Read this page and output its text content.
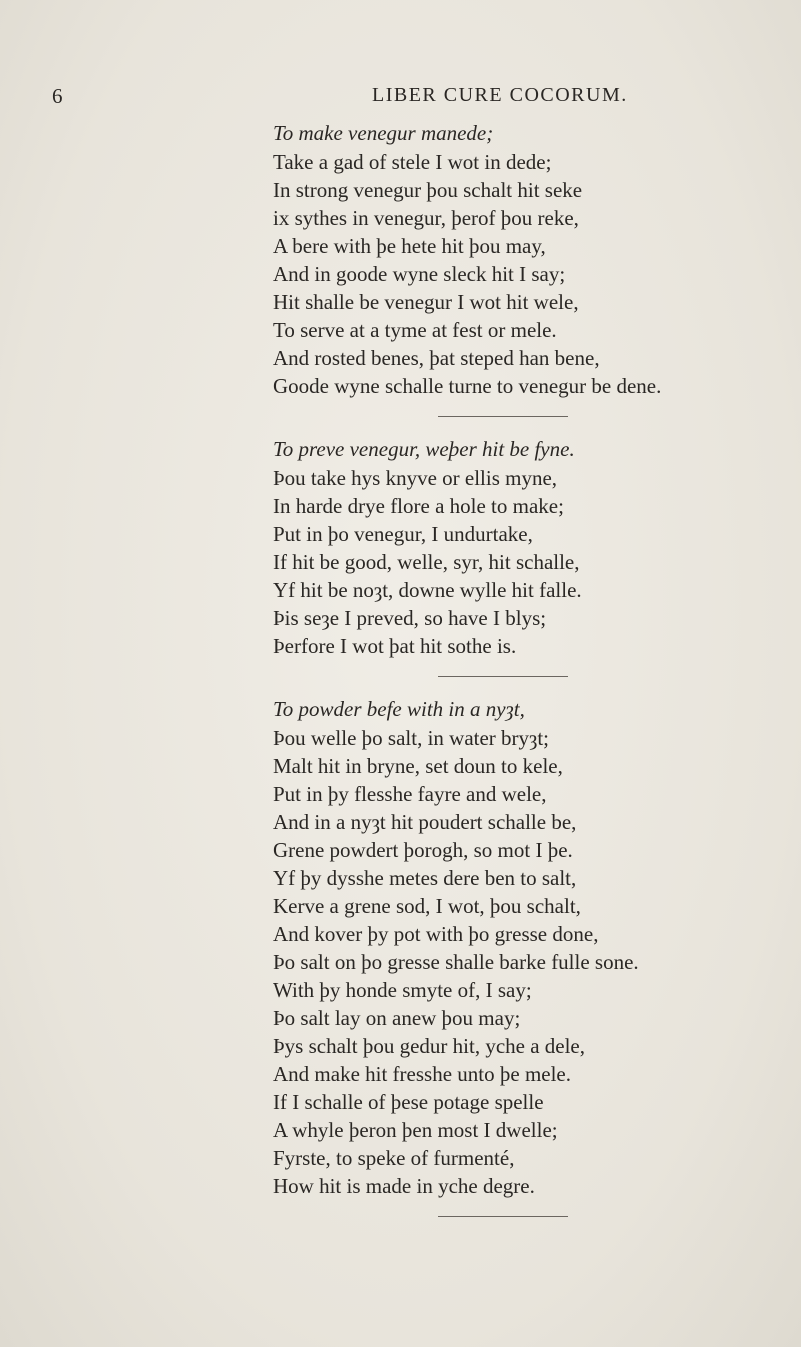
6	LIBER CURE COCORUM.
To make venegur manede;
Take a gad of stele I wot in dede;
In strong venegur þou schalt hit seke
ix sythes in venegur, þerof þou reke,
A bere with þe hete hit þou may,
And in goode wyne sleck hit I say;
Hit shalle be venegur I wot hit wele,
To serve at a tyme at fest or mele.
And rosted benes, þat steped han bene,
Goode wyne schalle turne to venegur be dene.
To preve venegur, weþer hit be fyne.
Þou take hys knyve or ellis myne,
In harde drye flore a hole to make;
Put in þo venegur, I undurtake,
If hit be good, welle, syr, hit schalle,
Yf hit be noȝt, downe wylle hit falle.
Þis seȝe I preved, so have I blys;
Þerfore I wot þat hit sothe is.
To powder befe with in a nyȝt,
Þou welle þo salt, in water bryȝt;
Malt hit in bryne, set doun to kele,
Put in þy flesshe fayre and wele,
And in a nyȝt hit poudert schalle be,
Grene powdert þorogh, so mot I þe.
Yf þy dysshe metes dere ben to salt,
Kerve a grene sod, I wot, þou schalt,
And kover þy pot with þo gresse done,
Þo salt on þo gresse shalle barke fulle sone.
With þy honde smyte of, I say;
Þo salt lay on anew þou may;
Þys schalt þou gedur hit, yche a dele,
And make hit fresshe unto þe mele.
If I schalle of þese potage spelle
A whyle þeron þen most I dwelle;
Fyrste, to speke of furmenté,
How hit is made in yche degre.
